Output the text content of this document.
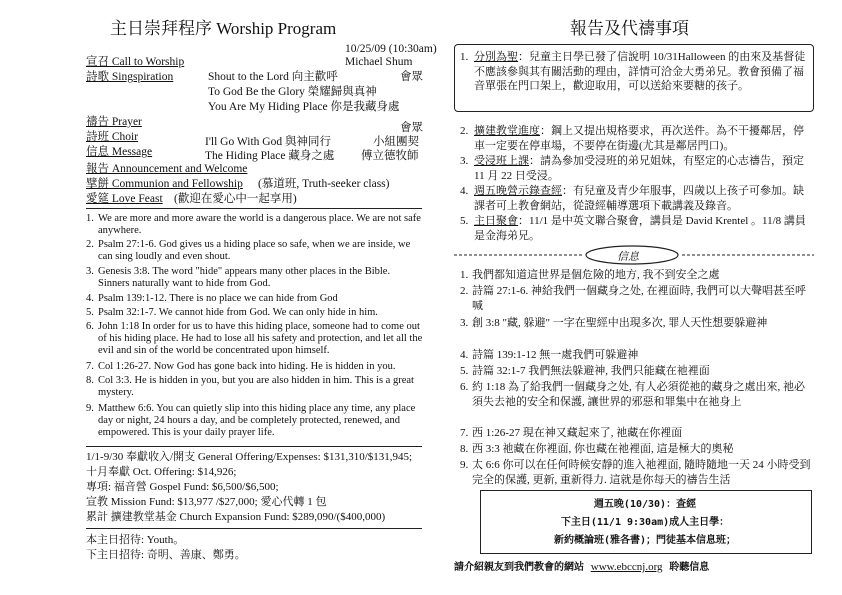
主日崇拜程序 Worship Program
10/25/09 (10:30am)
宣召 Call to Worship	Michael Shum
詩歌 Singspiration	Shout to the Lord 向主歡呼	會眾
To God Be the Glory 榮耀歸與真神
You Are My Hiding Place 你是我藏身處
禱告 Prayer	會眾
詩班 Choir	I'll Go With God 與神同行	小組團契
信息 Message	The Hiding Place 藏身之處 傅立德牧師
報告 Announcement and Welcome
擘餅 Communion and Fellowship (慕道班, Truth-seeker class)
愛筵 Love Feast (歡迎在愛心中一起享用)
1. We are more and more aware the world is a dangerous place. We are not safe anywhere.
2. Psalm 27:1-6. God gives us a hiding place so safe, when we are inside, we can sing loudly and even shout.
3. Genesis 3:8. The word "hide" appears many other places in the Bible. Sinners naturally want to hide from God.
4. Psalm 139:1-12. There is no place we can hide from God
5. Psalm 32:1-7. We cannot hide from God. We can only hide in him.
6. John 1:18 In order for us to have this hiding place, someone had to come out of his hiding place. He had to lose all his safety and protection, and let all the evil and sin of the world be concentrated upon himself.
7. Col 1:26-27. Now God has gone back into hiding. He is hidden in you.
8. Col 3:3. He is hidden in you, but you are also hidden in him. This is a great mystery.
9. Matthew 6:6. You can quietly slip into this hiding place any time, any place day or night, 24 hours a day, and be completely protected, renewed, and empowered. This is your daily prayer life.
1/1-9/30 奉獻收入/開支 General Offering/Expenses: $131,310/$131,945;
十月奉獻 Oct. Offering: $14,926;
專項: 福音營 Gospel Fund: $6,500/$6,500;
宣教 Mission Fund: $13,977 /$27,000; 愛心代轉 1 包
累計 擴建教堂基金 Church Expansion Fund: $289,090/($400,000)
本主日招待: Youth。
下主日招待: 奇明、善康、鄭勇。
報告及代禱事項
1. 分別為聖：兒童主日學已發了信說明 10/31Halloween 的由來及基督徒不應該參與其有關活動的理由，詳情可洽金大勇弟兄。教會預備了福音單張在門口架上，歡迎取用，可以送給來要糖的孩子。
2. 擴建教堂進度：鋼上又提出規格要求，再次送件。為不干擾鄰居，停車一定要在停車場，不要停在街邊(尤其是鄰居門口)。
3. 受浸班上課：請為參加受浸班的弟兄姐妹，有堅定的心志禱告，預定 11 月 22 日受浸。
4. 週五晚營示錄查經：有兒童及青少年服事，四歲以上孩子可參加。缺課者可上教會網站，從證經輔導選項下載講義及錄音。
5. 主日聚會：11/1 是中英文聯合聚會，講員是 David Krentel 。11/8 講員是金海弟兄。
信息
1. 我們都知道這世界是個危險的地方, 我不到安全之處
2. 詩篇 27:1-6. 神給我們一個藏身之处, 在裡面時, 我們可以大聲唱甚至呼喊
3. 創 3:8 "藏, 躲避" 一字在聖經中出現多次, 罪人天性想要躲避神
4. 詩篇 139:1-12 無一處我們可躲避神
5. 詩篇 32:1-7 我們無法躲避神, 我們只能藏在祂裡面
6. 約 1:18 為了給我們一個藏身之处, 有人必須從祂的藏身之處出來, 祂必須失去祂的安全和保護, 讓世界的邪惡和罪集中在祂身上
7. 西 1:26-27 現在神又藏起來了, 祂藏在你裡面
8. 西 3:3 祂藏在你裡面, 你也藏在祂裡面, 這是極大的奧秘
9. 太 6:6 你可以在任何時候安靜的進入祂裡面, 隨時隨地一天 24 小時受到完全的保護, 更新, 重新得力. 這就是你每天的禱告生活
週五晚(10/30)：查經
下主日(11/1 9:30am)成人主日學：
新約概論班(雅各書)；門徒基本信息班；
請介紹親友到我們教會的網站 www.ebccnj.org 聆聽信息
